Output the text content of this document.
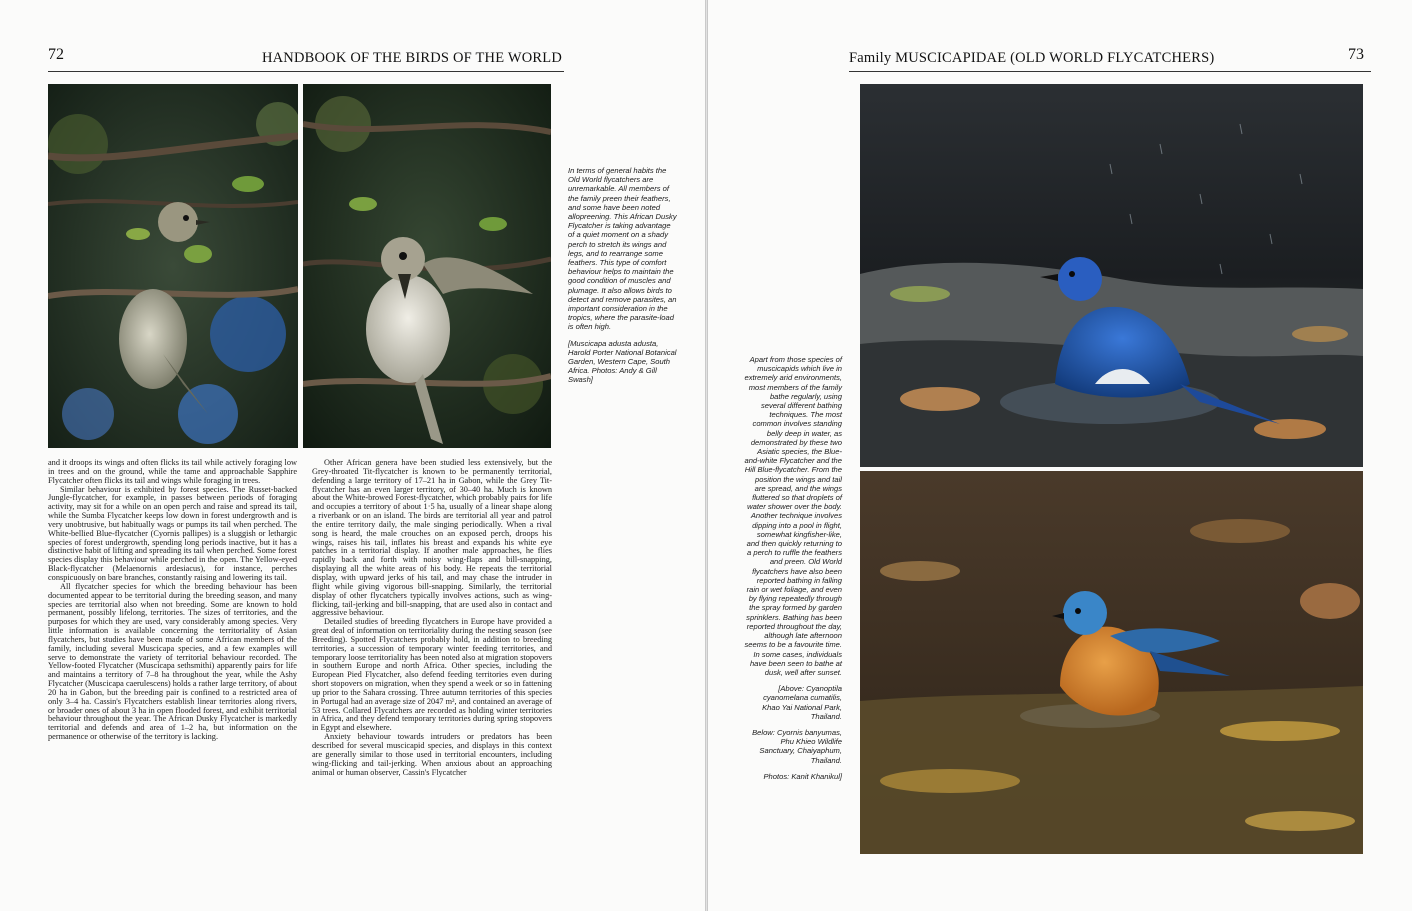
72	HANDBOOK OF THE BIRDS OF THE WORLD

and it droops its wings and often flicks its tail while actively foraging low in trees and on the ground, while the tame and approachable Sapphire Flycatcher often flicks its tail and wings while foraging in trees.

Similar behaviour is exhibited by forest species. The Russet-backed Jungle-flycatcher, for example, in passes between periods of foraging activity, may sit for a while on an open perch and raise and spread its tail, while the Sumba Flycatcher keeps low down in forest undergrowth and is very unobtrusive, but habitually wags or pumps its tail when perched. The White-bellied Blue-flycatcher (Cyornis pallipes) is a sluggish or lethargic species of forest undergrowth, spending long periods inactive, but it has a distinctive habit of lifting and spreading its tail when perched. Some forest species display this behaviour while perched in the open. The Yellow-eyed Black-flycatcher (Melaenornis ardesiacus), for instance, perches conspicuously on bare branches, constantly raising and lowering its tail.

All flycatcher species for which the breeding behaviour has been documented appear to be territorial during the breeding season, and many species are territorial also when not breeding. Some are known to hold permanent, possibly lifelong, territories. The sizes of territories, and the purposes for which they are used, vary considerably among species. Very little information is available concerning the territoriality of Asian flycatchers, but studies have been made of some African members of the family, including several Muscicapa species, and a few examples will serve to demonstrate the variety of territorial behaviour recorded. The Yellow-footed Flycatcher (Muscicapa sethsmithi) apparently pairs for life and maintains a territory of 7–8 ha throughout the year, while the Ashy Flycatcher (Muscicapa caerulescens) holds a rather large territory, of about 20 ha in Gabon, but the breeding pair is confined to a restricted area of only 3–4 ha. Cassin's Flycatchers establish linear territories along rivers, or broader ones of about 3 ha in open flooded forest, and exhibit territorial behaviour throughout the year. The African Dusky Flycatcher is markedly territorial and defends and area of 1–2 ha, but information on the permanence or otherwise of the territory is lacking.

Other African genera have been studied less extensively, but the Grey-throated Tit-flycatcher is known to be permanently territorial, defending a large territory of 17–21 ha in Gabon, while the Grey Tit-flycatcher has an even larger territory, of 30–40 ha. Much is known about the White-browed Forest-flycatcher, which probably pairs for life and occupies a territory of about 1·5 ha, usually of a linear shape along a riverbank or on an island. The birds are territorial all year and patrol the entire territory daily, the male singing periodically. When a rival song is heard, the male crouches on an exposed perch, droops his wings, raises his tail, inflates his breast and expands his white eye patches in a territorial display. If another male approaches, he flies rapidly back and forth with noisy wing-flaps and bill-snapping, displaying all the white areas of his body. He repeats the territorial display, with upward jerks of his tail, and may chase the intruder in flight while giving vigorous bill-snapping. Similarly, the territorial display of other flycatchers typically involves actions, such as wing-flicking, tail-jerking and bill-snapping, that are used also in contact and aggressive behaviour.

Detailed studies of breeding flycatchers in Europe have provided a great deal of information on territoriality during the nesting season (see Breeding). Spotted Flycatchers probably hold, in addition to breeding territories, a succession of temporary winter feeding territories, and temporary loose territoriality has been noted also at migration stopovers in southern Europe and north Africa. Other species, including the European Pied Flycatcher, also defend feeding territories even during short stopovers on migration, when they spend a week or so in fattening up prior to the Sahara crossing. Three autumn territories of this species in Portugal had an average size of 2047 m², and contained an average of 53 trees. Collared Flycatchers are recorded as holding winter territories in Africa, and they defend temporary territories during spring stopovers in Egypt and elsewhere.

Anxiety behaviour towards intruders or predators has been described for several muscicapid species, and displays in this context are generally similar to those used in territorial encounters, including wing-flicking and tail-jerking. When anxious about an approaching animal or human observer, Cassin's Flycatcher

In terms of general habits the Old World flycatchers are unremarkable. All members of the family preen their feathers, and some have been noted allopreening. This African Dusky Flycatcher is taking advantage of a quiet moment on a shady perch to stretch its wings and legs, and to rearrange some feathers. This type of comfort behaviour helps to maintain the good condition of muscles and plumage. It also allows birds to detect and remove parasites, an important consideration in the tropics, where the parasite-load is often high.

[Muscicapa adusta adusta, Harold Porter National Botanical Garden, Western Cape, South Africa. Photos: Andy & Gill Swash]

Family MUSCICAPIDAE (OLD WORLD FLYCATCHERS)	73

Apart from those species of muscicapids which live in extremely arid environments, most members of the family bathe regularly, using several different bathing techniques. The most common involves standing belly deep in water, as demonstrated by these two Asiatic species, the Blue-and-white Flycatcher and the Hill Blue-flycatcher. From the position the wings and tail are spread, and the wings fluttered so that droplets of water shower over the body. Another technique involves dipping into a pool in flight, somewhat kingfisher-like, and then quickly returning to a perch to ruffle the feathers and preen. Old World flycatchers have also been reported bathing in falling rain or wet foliage, and even by flying repeatedly through the spray formed by garden sprinklers. Bathing has been reported throughout the day, although late afternoon seems to be a favourite time. In some cases, individuals have been seen to bathe at dusk, well after sunset.

[Above: Cyanoptila cyanomelana cumatilis, Khao Yai National Park, Thailand.

Below: Cyornis banyumas, Phu Khieo Wildlife Sanctuary, Chaiyaphum, Thailand.

Photos: Kanit Khanikul]
